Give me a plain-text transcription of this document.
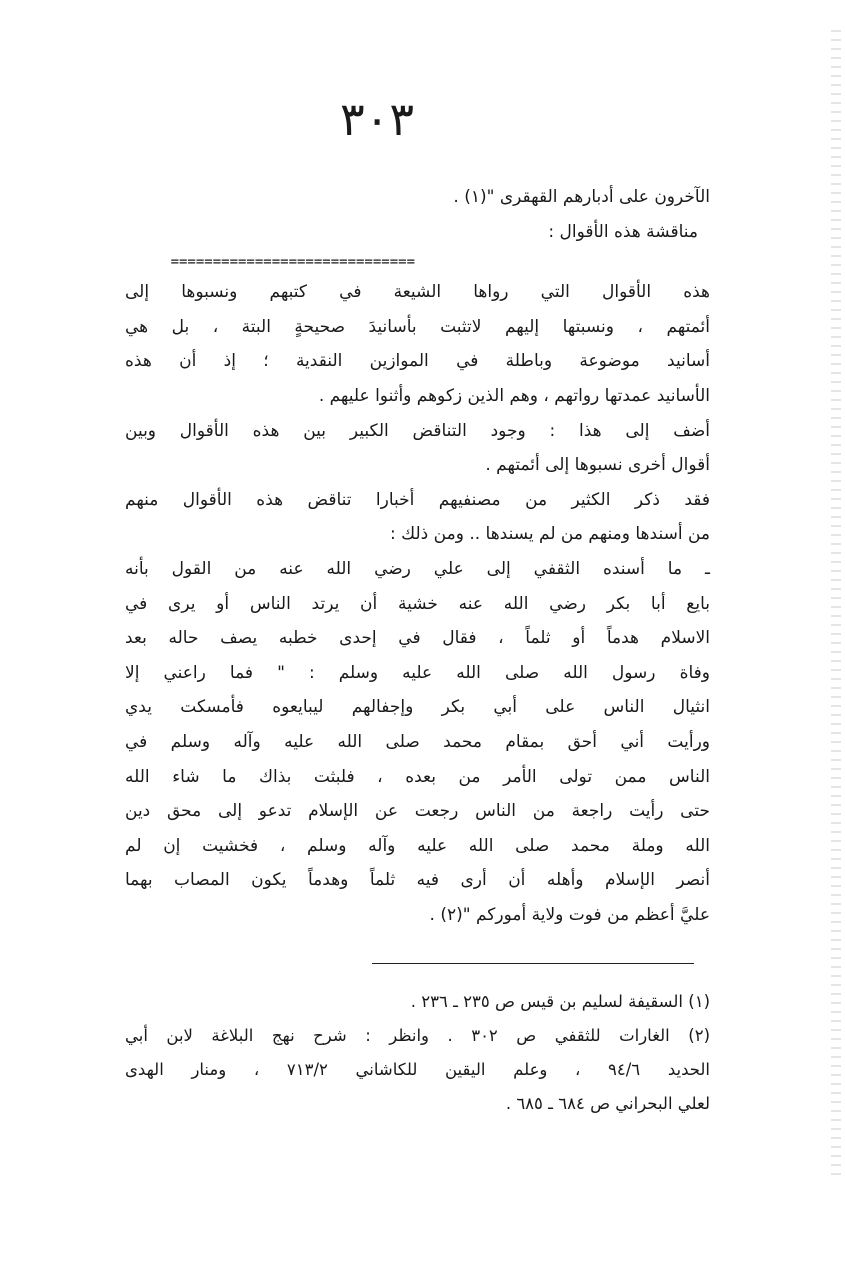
٣٠٣
الآخرون على أدبارهم القهقرى "(١) .
مناقشة هذه الأقوال :
=============================
هذه الأقوال التي رواها الشيعة في كتبهم ونسبوها إلى
أئمتهم ، ونسبتها إليهم لاتثبت بأسانيدَ صحيحةٍ البتة ، بل هي
أسانيد موضوعة وباطلة في الموازين النقدية ؛ إذ أن هذه
الأسانيد عمدتها رواتهم ، وهم الذين زكوهم وأثنوا عليهم .
أضف إلى هذا : وجود التناقض الكبير بين هذه الأقوال وبين
أقوال أخرى نسبوها إلى أئمتهم .
فقد ذكر الكثير من مصنفيهم أخبارا تناقض هذه الأقوال منهم
من أسندها ومنهم من لم يسندها .. ومن ذلك :
ـ ما أسنده الثقفي إلى علي رضي الله عنه من القول بأنه
بايع أبا بكر رضي الله عنه خشية أن يرتد الناس أو يرى في
الاسلام هدماً أو ثلماً ، فقال في إحدى خطبه يصف حاله بعد
وفاة رسول الله صلى الله عليه وسلم : " فما راعني إلا
انثيال الناس على أبي بكر وإجفالهم ليبايعوه فأمسكت يدي
ورأيت أني أحق بمقام محمد صلى الله عليه وآله وسلم في
الناس ممن تولى الأمر من بعده ، فلبثت بذاك ما شاء الله
حتى رأيت راجعة من الناس رجعت عن الإسلام تدعو إلى محق دين
الله وملة محمد صلى الله عليه وآله وسلم ، فخشيت إن لم
أنصر الإسلام وأهله أن أرى فيه ثلماً وهدماً يكون المصاب بهما
عليَّ أعظم من فوت ولاية أموركم "(٢) .
(١) السقيفة لسليم بن قيس ص ٢٣٥ ـ ٢٣٦ .
(٢) الغارات للثقفي ص ٣٠٢ . وانظر : شرح نهج البلاغة لابن أبي
الحديد ٩٤/٦ ، وعلم اليقين للكاشاني ٧١٣/٢ ، ومنار الهدى
لعلي البحراني ص ٦٨٤ ـ ٦٨٥ .
